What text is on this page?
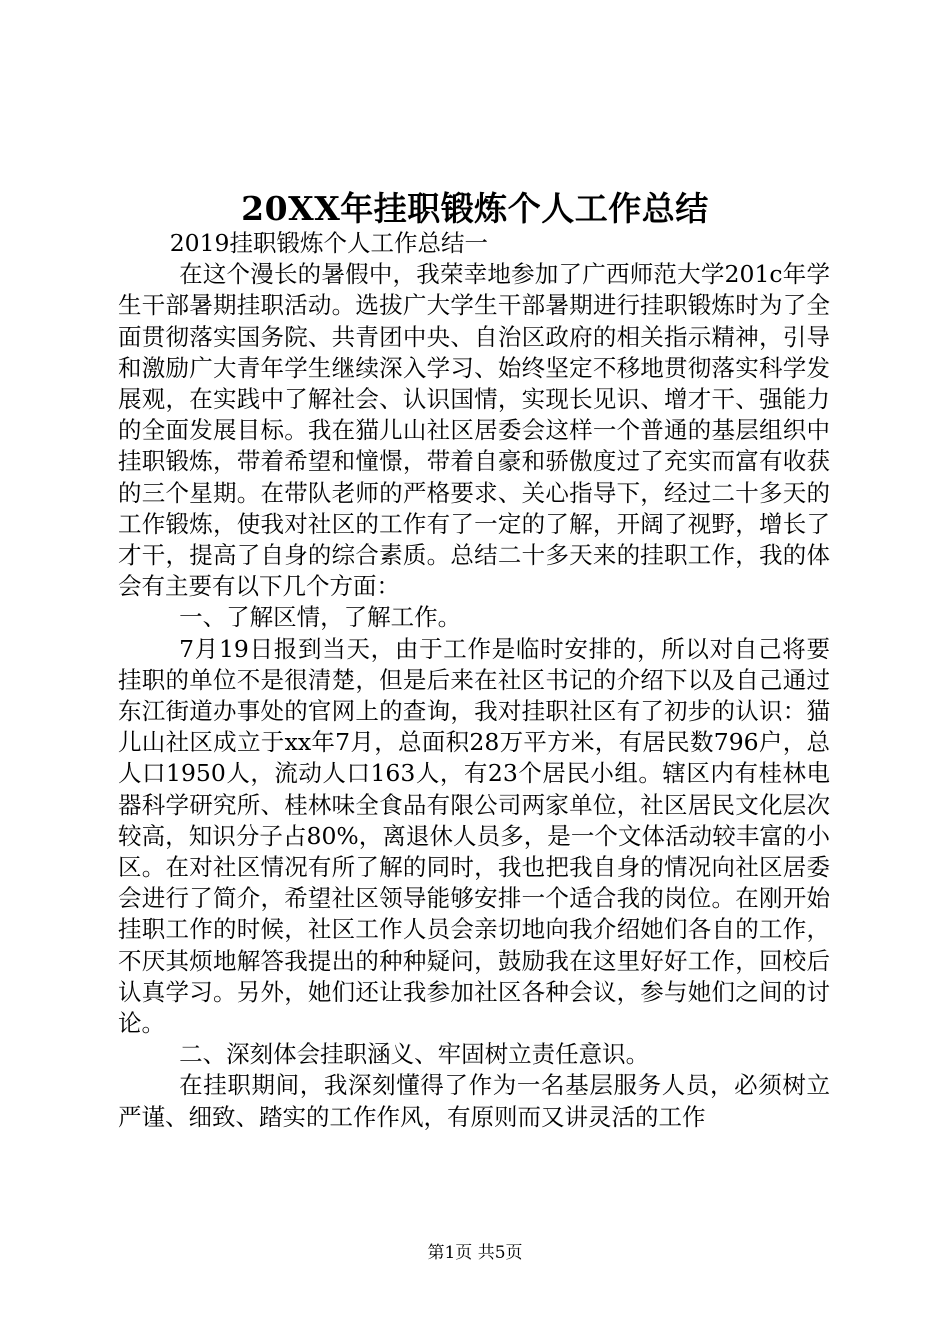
20XX年挂职锻炼个人工作总结

2019挂职锻炼个人工作总结一

在这个漫长的暑假中，我荣幸地参加了广西师范大学201c年学生干部暑期挂职活动。选拔广大学生干部暑期进行挂职锻炼时为了全面贯彻落实国务院、共青团中央、自治区政府的相关指示精神，引导和激励广大青年学生继续深入学习、始终坚定不移地贯彻落实科学发展观，在实践中了解社会、认识国情，实现长见识、增才干、强能力的全面发展目标。我在猫儿山社区居委会这样一个普通的基层组织中挂职锻炼，带着希望和憧憬，带着自豪和骄傲度过了充实而富有收获的三个星期。在带队老师的严格要求、关心指导下，经过二十多天的工作锻炼，使我对社区的工作有了一定的了解，开阔了视野，增长了才干，提高了自身的综合素质。总结二十多天来的挂职工作，我的体会有主要有以下几个方面：

一、了解区情，了解工作。

7月19日报到当天，由于工作是临时安排的，所以对自己将要挂职的单位不是很清楚，但是后来在社区书记的介绍下以及自己通过东江街道办事处的官网上的查询，我对挂职社区有了初步的认识：猫儿山社区成立于xx年7月，总面积28万平方米，有居民数796户，总人口1950人，流动人口163人，有23个居民小组。辖区内有桂林电器科学研究所、桂林味全食品有限公司两家单位，社区居民文化层次较高，知识分子占80%，离退休人员多，是一个文体活动较丰富的小区。在对社区情况有所了解的同时，我也把我自身的情况向社区居委会进行了简介，希望社区领导能够安排一个适合我的岗位。在刚开始挂职工作的时候，社区工作人员会亲切地向我介绍她们各自的工作，不厌其烦地解答我提出的种种疑问，鼓励我在这里好好工作，回校后认真学习。另外，她们还让我参加社区各种会议，参与她们之间的讨论。

二、深刻体会挂职涵义、牢固树立责任意识。

在挂职期间，我深刻懂得了作为一名基层服务人员，必须树立严谨、细致、踏实的工作作风，有原则而又讲灵活的工作

第1页 共5页
